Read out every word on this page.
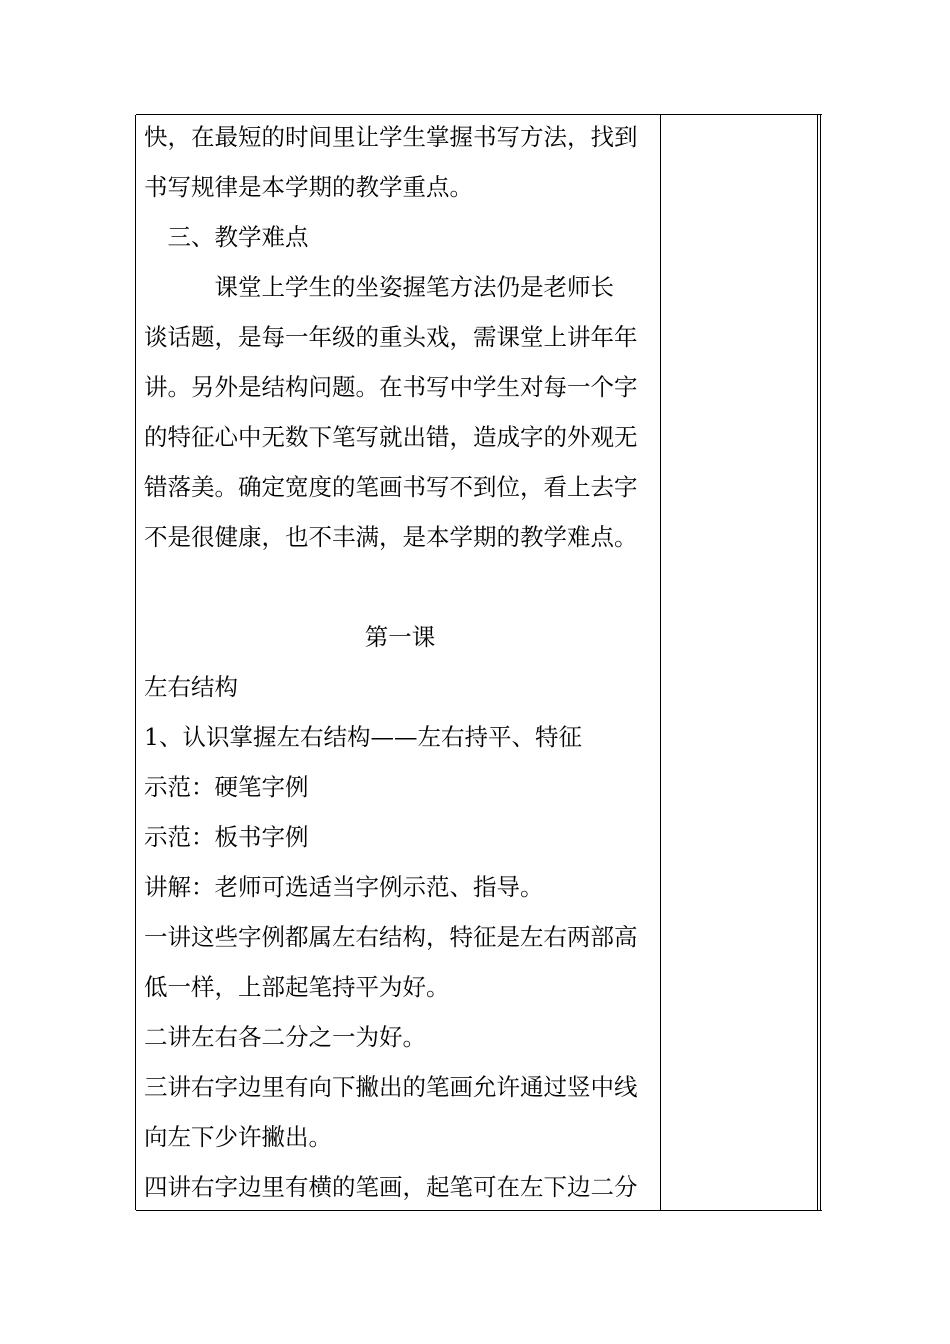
快，在最短的时间里让学生掌握书写方法，找到
书写规律是本学期的教学重点。
　三、教学难点
　　　课堂上学生的坐姿握笔方法仍是老师长
谈话题，是每一年级的重头戏，需课堂上讲年年
讲。另外是结构问题。在书写中学生对每一个字
的特征心中无数下笔写就出错，造成字的外观无
错落美。确定宽度的笔画书写不到位，看上去字
不是很健康，也不丰满，是本学期的教学难点。
第一课
左右结构
1、认识掌握左右结构——左右持平、特征
示范：硬笔字例
示范：板书字例
讲解：老师可选适当字例示范、指导。
一讲这些字例都属左右结构，特征是左右两部高
低一样，上部起笔持平为好。
二讲左右各二分之一为好。
三讲右字边里有向下撇出的笔画允许通过竖中线
向左下少许撇出。
四讲右字边里有横的笔画，起笔可在左下边二分
